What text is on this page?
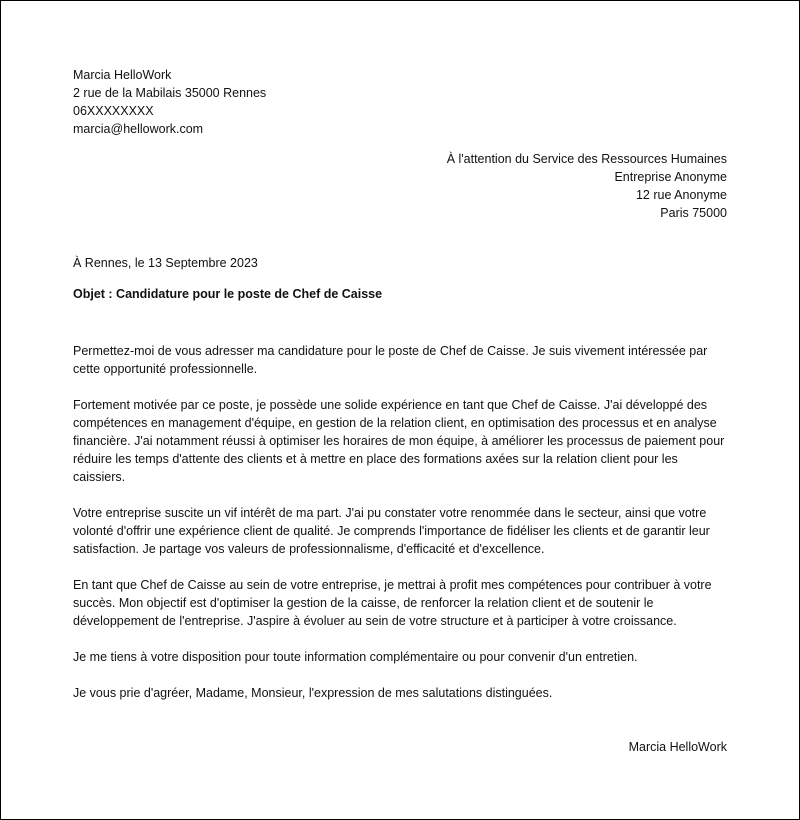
Marcia HelloWork
2 rue de la Mabilais 35000 Rennes
06XXXXXXXX
marcia@hellowork.com
À l'attention du Service des Ressources Humaines
Entreprise Anonyme
12 rue Anonyme
Paris 75000
À Rennes, le 13 Septembre 2023
Objet : Candidature pour le poste de Chef de Caisse

Permettez-moi de vous adresser ma candidature pour le poste de Chef de Caisse. Je suis vivement intéressée par cette opportunité professionnelle.

Fortement motivée par ce poste, je possède une solide expérience en tant que Chef de Caisse. J'ai développé des compétences en management d'équipe, en gestion de la relation client, en optimisation des processus et en analyse financière. J'ai notamment réussi à optimiser les horaires de mon équipe, à améliorer les processus de paiement pour réduire les temps d'attente des clients et à mettre en place des formations axées sur la relation client pour les caissiers.

Votre entreprise suscite un vif intérêt de ma part. J'ai pu constater votre renommée dans le secteur, ainsi que votre volonté d'offrir une expérience client de qualité. Je comprends l'importance de fidéliser les clients et de garantir leur satisfaction. Je partage vos valeurs de professionnalisme, d'efficacité et d'excellence.

En tant que Chef de Caisse au sein de votre entreprise, je mettrai à profit mes compétences pour contribuer à votre succès. Mon objectif est d'optimiser la gestion de la caisse, de renforcer la relation client et de soutenir le développement de l'entreprise. J'aspire à évoluer au sein de votre structure et à participer à votre croissance.

Je me tiens à votre disposition pour toute information complémentaire ou pour convenir d'un entretien.

Je vous prie d'agréer, Madame, Monsieur, l'expression de mes salutations distinguées.

Marcia HelloWork
